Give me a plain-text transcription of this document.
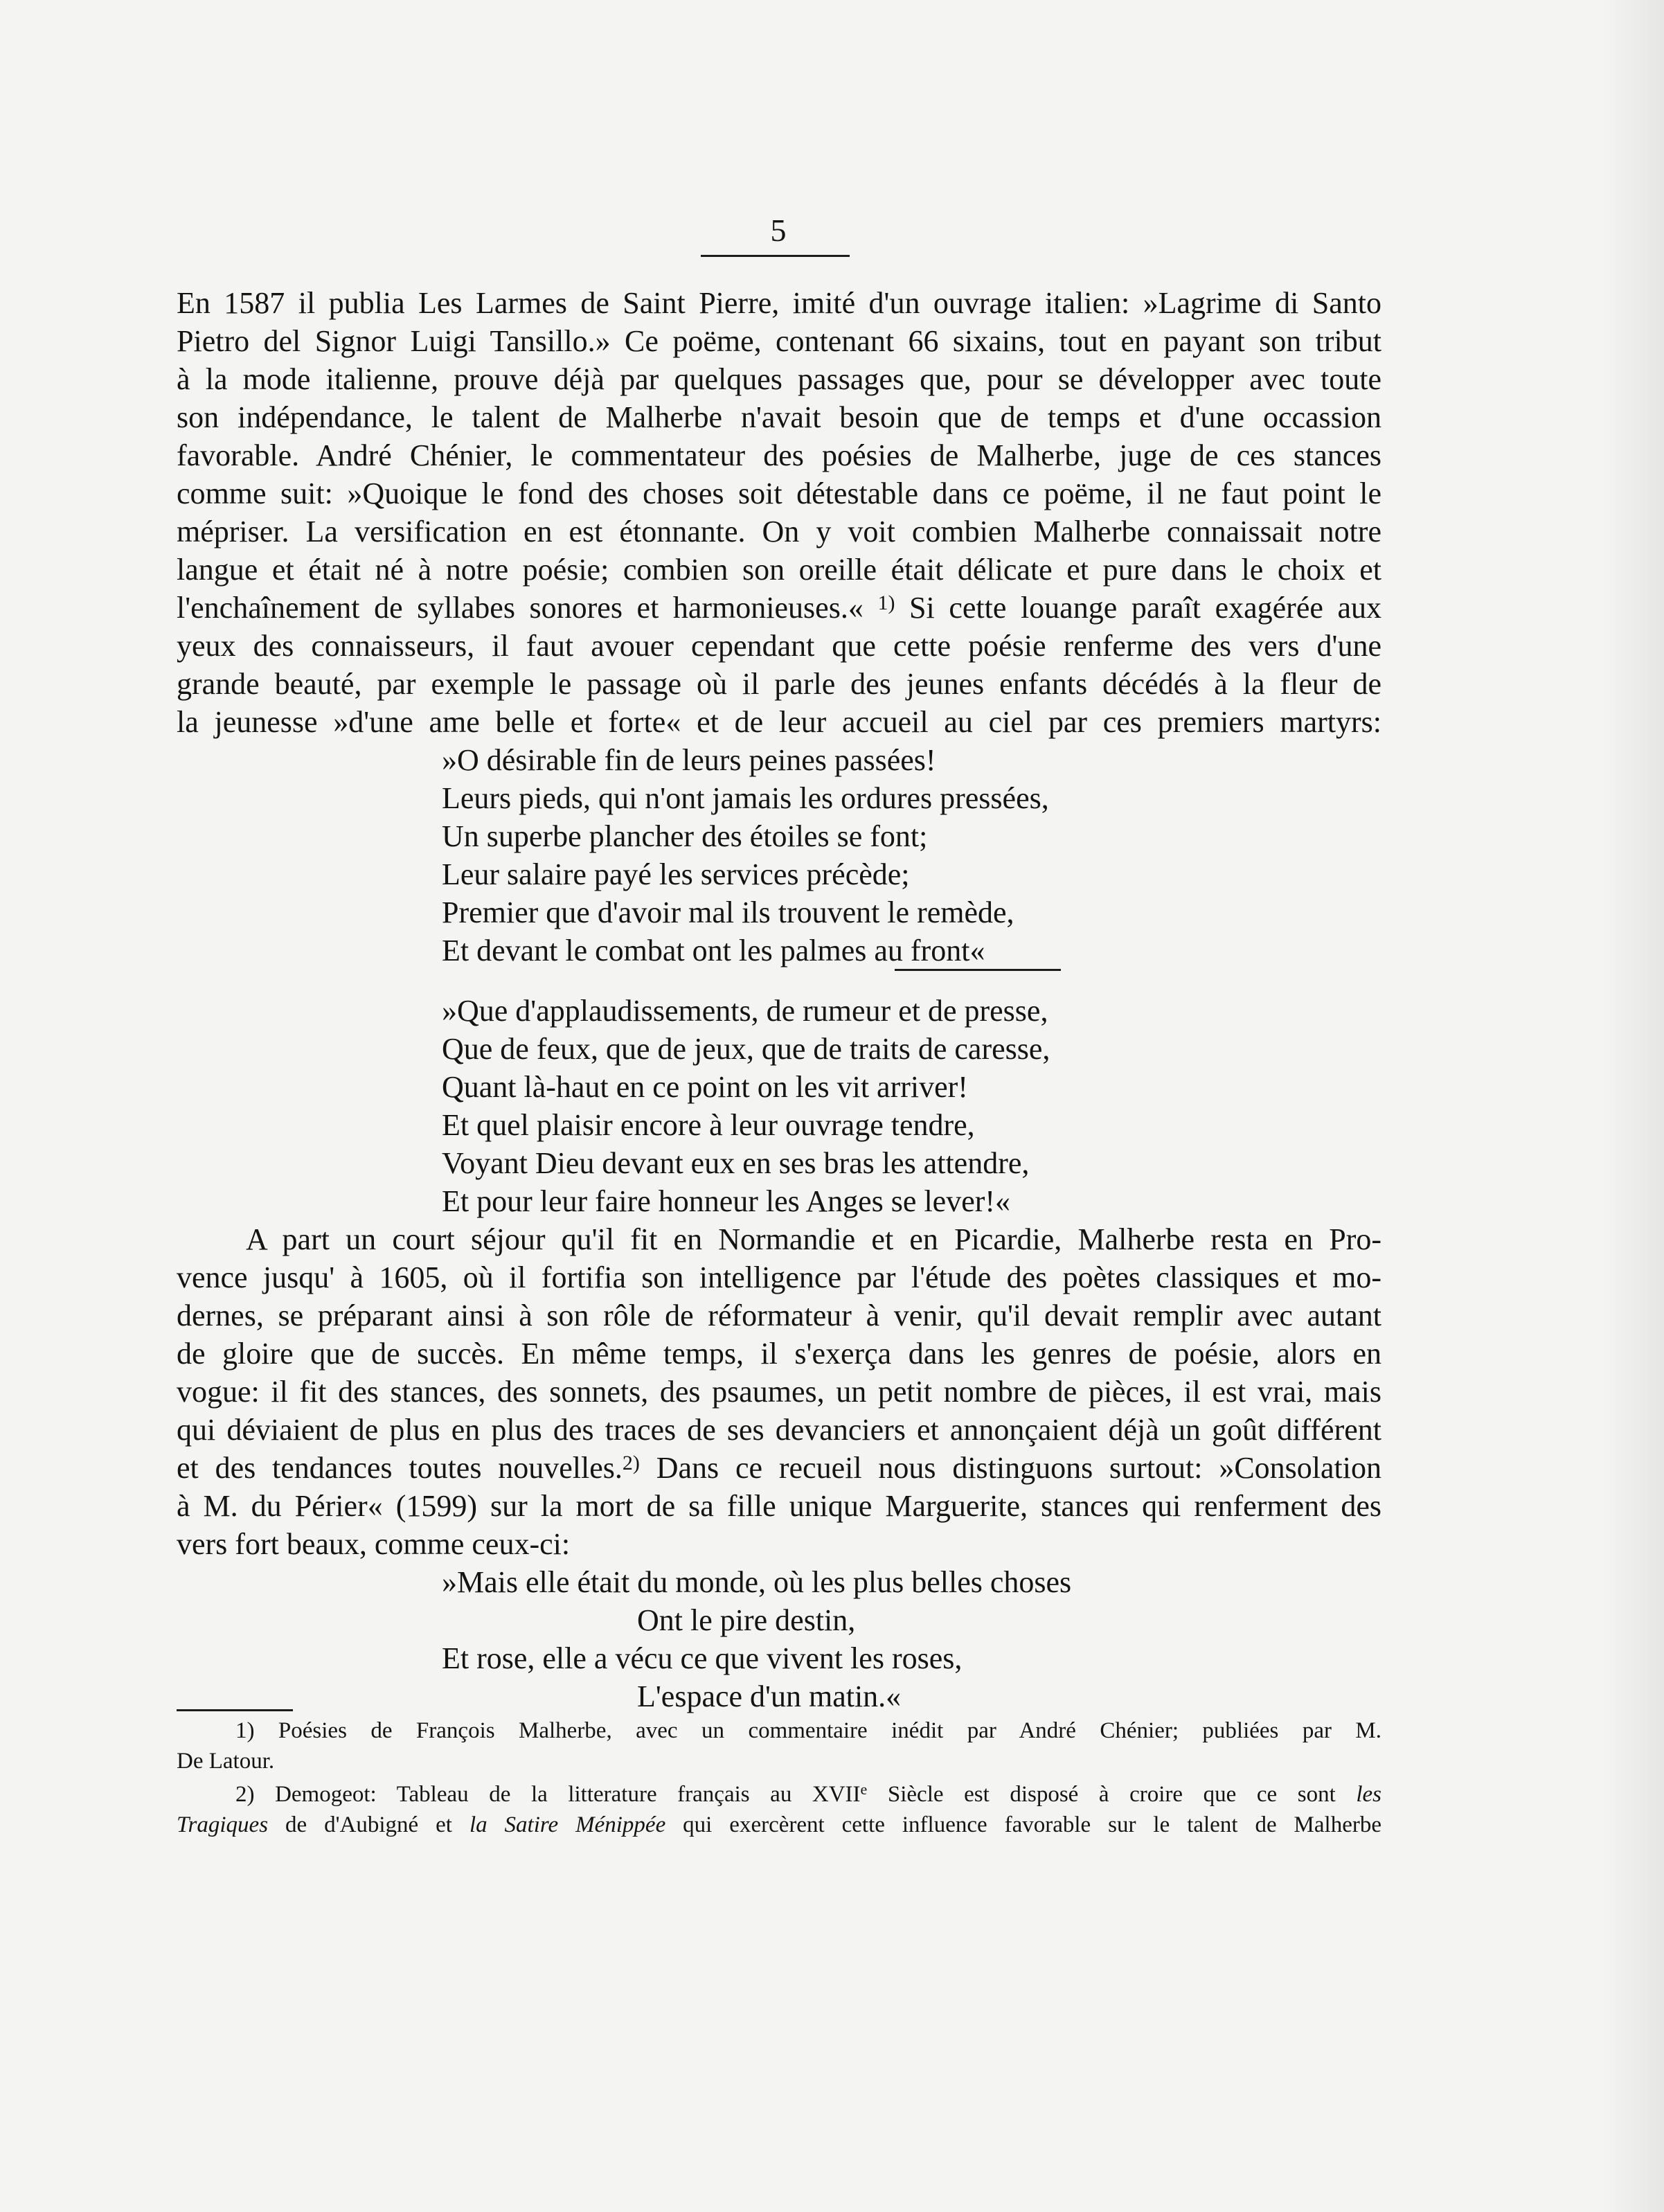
5
En 1587 il publia Les Larmes de Saint Pierre, imité d'un ouvrage italien: »Lagrime di Santo
Pietro del Signor Luigi Tansillo.» Ce poëme, contenant 66 sixains, tout en payant son tribut
à la mode italienne, prouve déjà par quelques passages que, pour se développer avec toute
son indépendance, le talent de Malherbe n'avait besoin que de temps et d'une occassion
favorable. André Chénier, le commentateur des poésies de Malherbe, juge de ces stances
comme suit: »Quoique le fond des choses soit détestable dans ce poëme, il ne faut point le
mépriser. La versification en est étonnante. On y voit combien Malherbe connaissait notre
langue et était né à notre poésie; combien son oreille était délicate et pure dans le choix et
l'enchaînement de syllabes sonores et harmonieuses.« $^{1)}$ Si cette louange paraît exagérée aux
yeux des connaisseurs, il faut avouer cependant que cette poésie renferme des vers d'une
grande beauté, par exemple le passage où il parle des jeunes enfants décédés à la fleur de
la jeunesse »d'une ame belle et forte« et de leur accueil au ciel par ces premiers martyrs:
»O désirable fin de leurs peines passées!
Leurs pieds, qui n'ont jamais les ordures pressées,
Un superbe plancher des étoiles se font;
Leur salaire payé les services précède;
Premier que d'avoir mal ils trouvent le remède,
Et devant le combat ont les palmes au front«
»Que d'applaudissements, de rumeur et de presse,
Que de feux, que de jeux, que de traits de caresse,
Quant là-haut en ce point on les vit arriver!
Et quel plaisir encore à leur ouvrage tendre,
Voyant Dieu devant eux en ses bras les attendre,
Et pour leur faire honneur les Anges se lever!«
A part un court séjour qu'il fit en Normandie et en Picardie, Malherbe resta en Pro-
vence jusqu' à 1605, où il fortifia son intelligence par l'étude des poètes classiques et mo-
dernes, se préparant ainsi à son rôle de réformateur à venir, qu'il devait remplir avec autant
de gloire que de succès. En même temps, il s'exerça dans les genres de poésie, alors en
vogue: il fit des stances, des sonnets, des psaumes, un petit nombre de pièces, il est vrai, mais
qui déviaient de plus en plus des traces de ses devanciers et annonçaient déjà un goût différent
et des tendances toutes nouvelles.$^{2)}$ Dans ce recueil nous distinguons surtout: »Consolation
à M. du Périer« (1599) sur la mort de sa fille unique Marguerite, stances qui renferment des
vers fort beaux, comme ceux-ci:
»Mais elle était du monde, où les plus belles choses
Ont le pire destin,
Et rose, elle a vécu ce que vivent les roses,
L'espace d'un matin.«
1) Poésies de François Malherbe, avec un commentaire inédit par André Chénier; publiées par M.
De Latour.
2) Demogeot: Tableau de la litterature français au XVIIe Siècle est disposé à croire que ce sont les
Tragiques de d'Aubigné et la Satire Ménippée qui exercèrent cette influence favorable sur le talent de Malherbe
